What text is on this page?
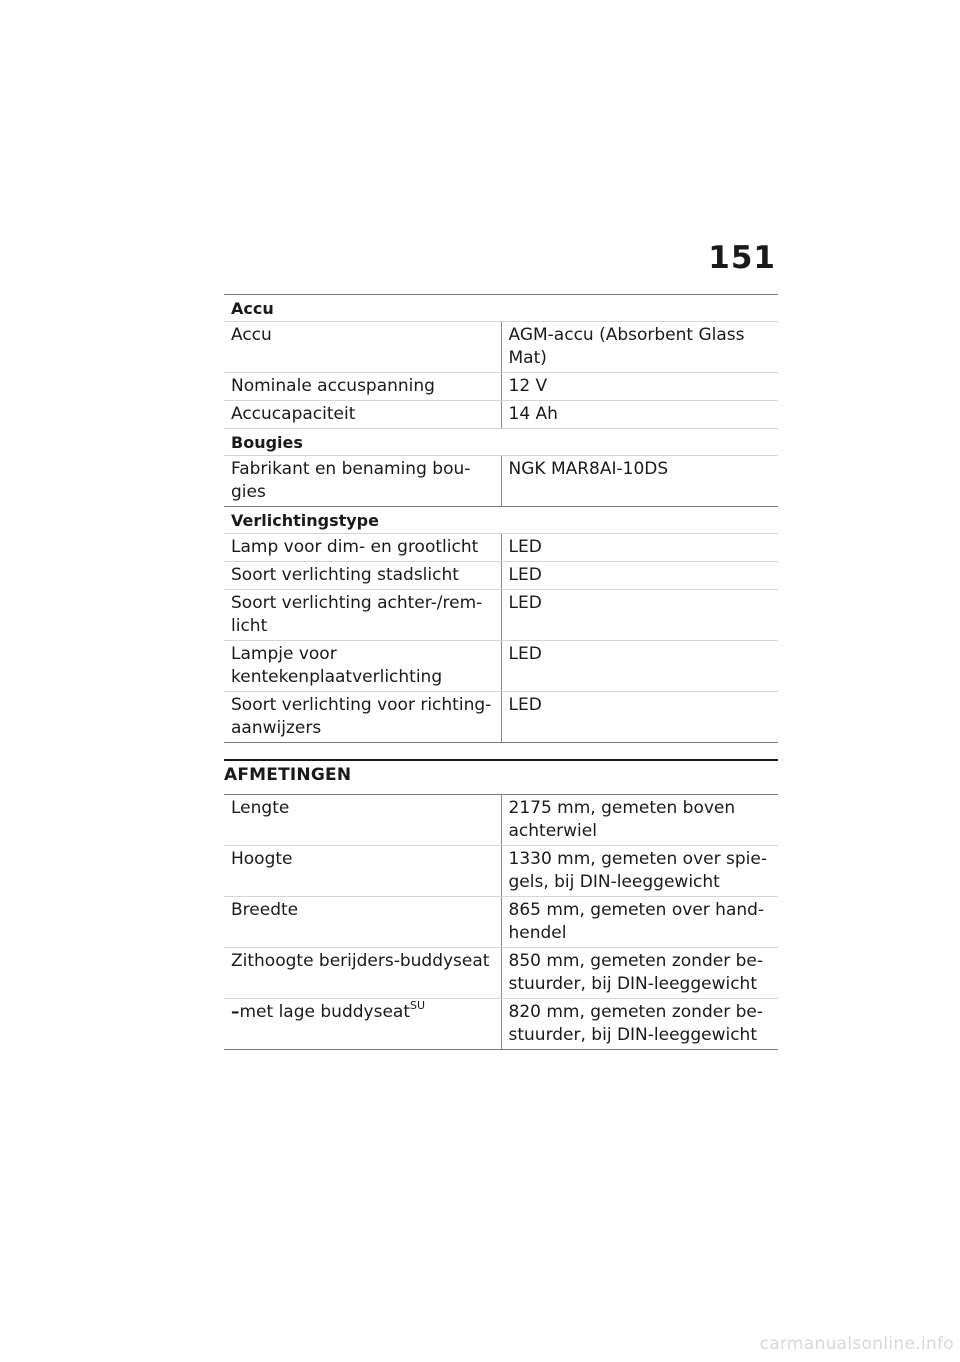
151
Accu	
Accu	AGM-accu (Absorbent Glass Mat)
Nominale accuspanning	12 V
Accucapaciteit	14 Ah
Bougies	
Fabrikant en benaming bougies	NGK MAR8AI-10DS
Verlichtingstype	
Lamp voor dim- en grootlicht	LED
Soort verlichting stadslicht	LED
Soort verlichting achter-/remlicht	LED
Lampje voor kentekenplaatverlichting	LED
Soort verlichting voor richtingaanwijzers	LED
AFMETINGEN
Lengte	2175 mm, gemeten boven achterwiel
Hoogte	1330 mm, gemeten over spiegels, bij DIN-leeggewicht
Breedte	865 mm, gemeten over handhendel
Zithoogte berijders-buddyseat	850 mm, gemeten zonder bestuurder, bij DIN-leeggewicht
–met lage buddyseat$^{SU}$	820 mm, gemeten zonder bestuurder, bij DIN-leeggewicht
carmanualsonline.info
